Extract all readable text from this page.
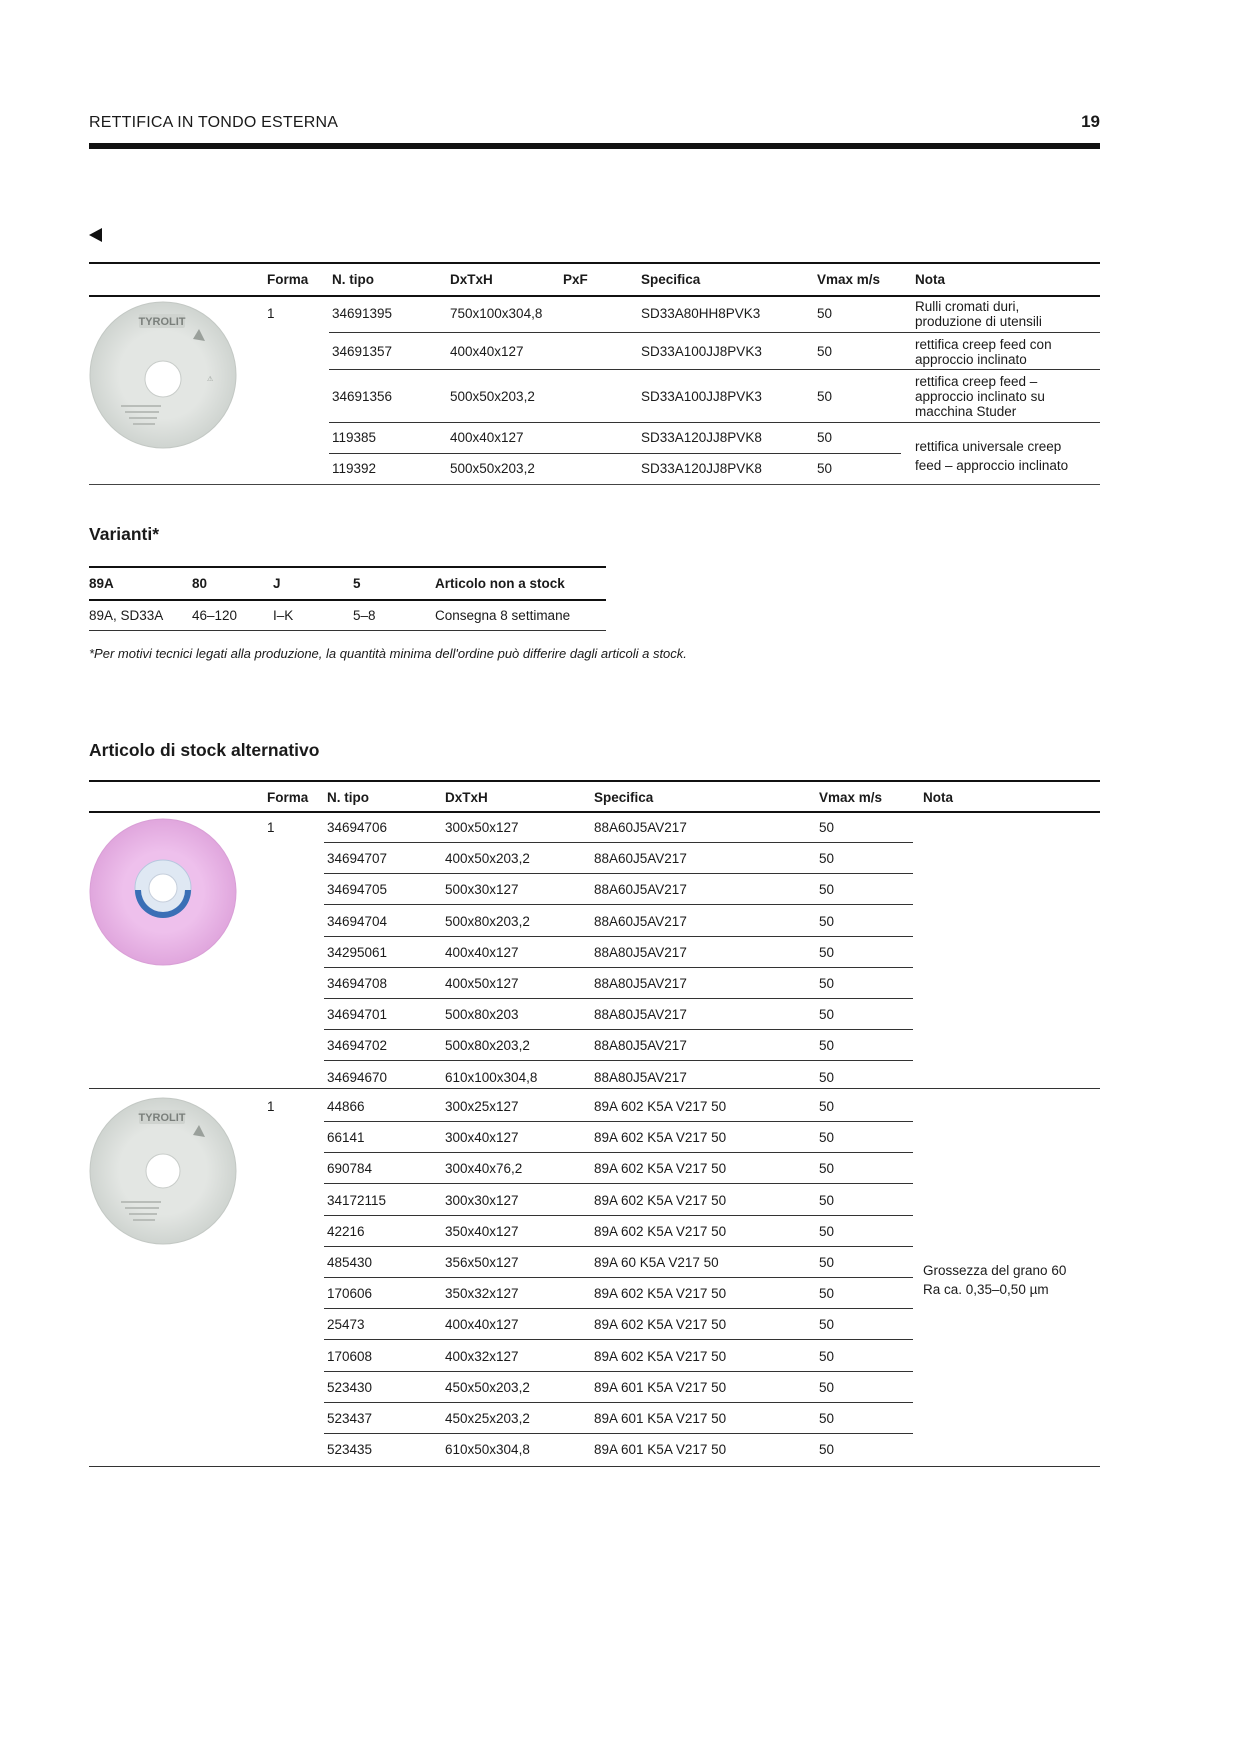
RETTIFICA IN TONDO ESTERNA	19
Forma N. tipo	DxTxH	PxF	Specifica	Vmax m/s	Nota
TYROLIT
⚠
1	34691395	750x100x304,8	SD33A80HH8PVK3	50	Rulli cromati duri,
produzione di utensili
34691357	400x40x127	SD33A100JJ8PVK3	50	rettifica creep feed con
approccio inclinato
34691356	500x50x203,2	SD33A100JJ8PVK3	50
rettifica creep feed –
approccio inclinato su
macchina Studer
119385	400x40x127	SD33A120JJ8PVK8	50
rettifica universale creep
feed – approccio inclinato
119392	500x50x203,2	SD33A120JJ8PVK8	50
Varianti*
89A	80	J	5	Articolo non a stock
89A, SD33A 46–120	I–K	5–8	Consegna 8 settimane
*Per motivi tecnici legati alla produzione, la quantità minima dell'ordine può differire dagli articoli a stock.
Articolo di stock alternativo
Forma N. tipo	DxTxH	Specifica	Vmax m/s	Nota
1	34694706	300x50x127	88A60J5AV217	50
34694707	400x50x203,2	88A60J5AV217	50
34694705	500x30x127	88A60J5AV217	50
34694704	500x80x203,2	88A60J5AV217	50
34295061	400x40x127	88A80J5AV217	50
34694708	400x50x127	88A80J5AV217	50
34694701	500x80x203	88A80J5AV217	50
34694702	500x80x203,2	88A80J5AV217	50
34694670	610x100x304,8	88A80J5AV217	50
TYROLIT
1	44866	300x25x127	89A 602 K5A V217 50	50
66141	300x40x127	89A 602 K5A V217 50	50
690784	300x40x76,2	89A 602 K5A V217 50	50
34172115	300x30x127	89A 602 K5A V217 50	50
42216	350x40x127	89A 602 K5A V217 50	50
485430	356x50x127	89A 60 K5A V217 50	50
170606	350x32x127	89A 602 K5A V217 50	50
25473	400x40x127	89A 602 K5A V217 50	50
170608	400x32x127	89A 602 K5A V217 50	50
523430	450x50x203,2	89A 601 K5A V217 50	50
523437	450x25x203,2	89A 601 K5A V217 50	50
523435	610x50x304,8	89A 601 K5A V217 50	50
Grossezza del grano 60
Ra ca. 0,35–0,50 µm
